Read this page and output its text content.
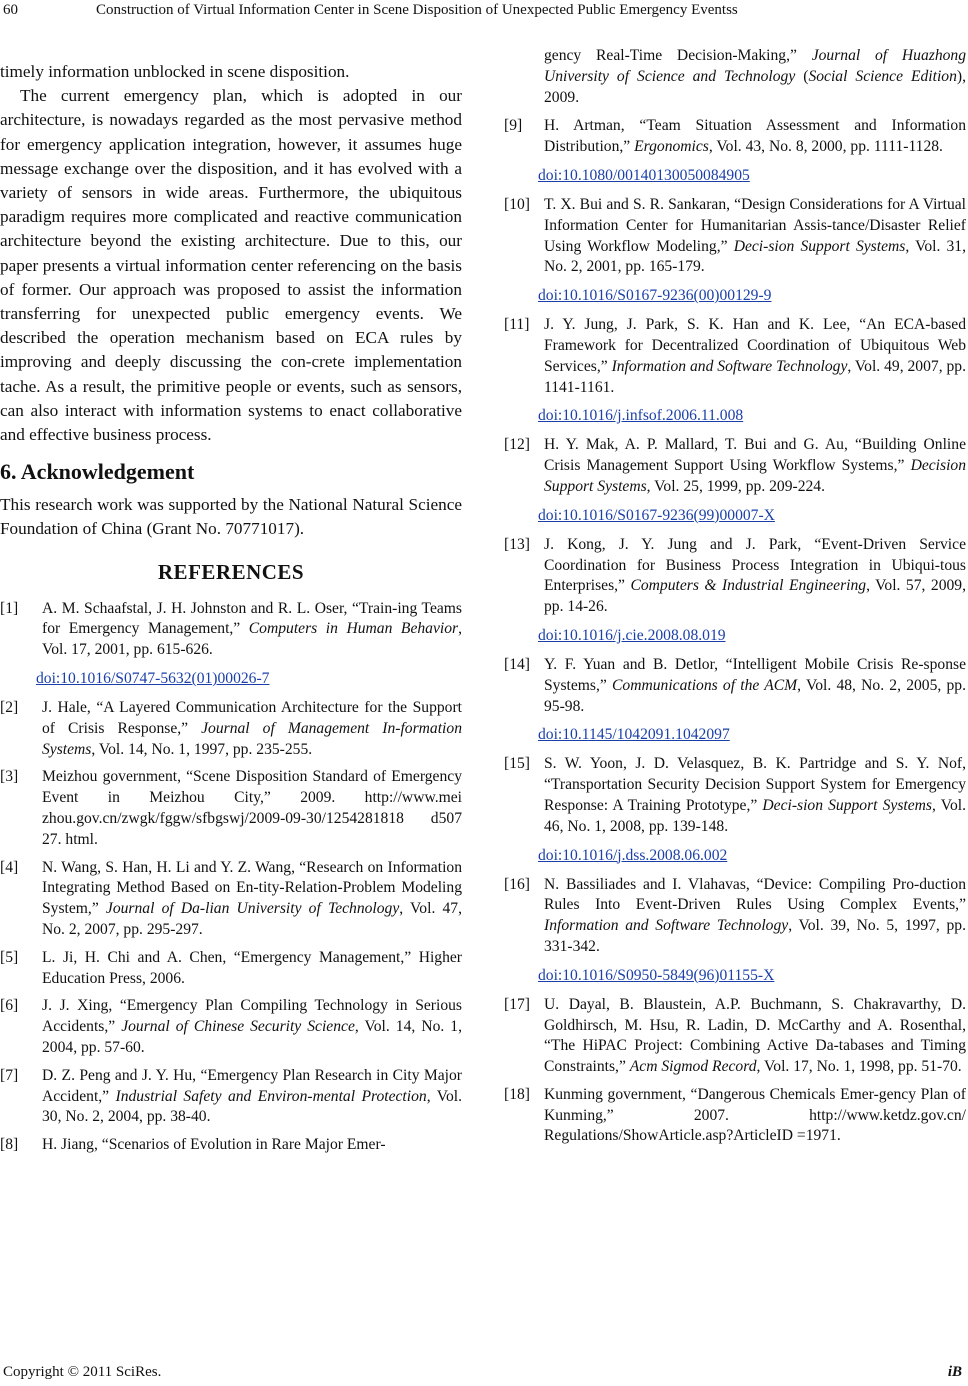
60	Construction of Virtual Information Center in Scene Disposition of Unexpected Public Emergency Eventss

timely information unblocked in scene disposition.

The current emergency plan, which is adopted in our architecture, is nowadays regarded as the most pervasive method for emergency application integration, however, it assumes huge message exchange over the disposition, and it has evolved with a variety of sensors in wide areas. Furthermore, the ubiquitous paradigm requires more complicated and reactive communication architecture beyond the existing architecture. Due to this, our paper presents a virtual information center referencing on the basis of former. Our approach was proposed to assist the information transferring for unexpected public emergency events. We described the operation mechanism based on ECA rules by improving and deeply discussing the con-crete implementation tache. As a result, the primitive people or events, such as sensors, can also interact with information systems to enact collaborative and effective business process.

6. Acknowledgement

This research work was supported by the National Natural Science Foundation of China (Grant No. 70771017).

REFERENCES
[1] A. M. Schaafstal, J. H. Johnston and R. L. Oser, “Train-ing Teams for Emergency Management,” Computers in Human Behavior, Vol. 17, 2001, pp. 615-626.
doi:10.1016/S0747-5632(01)00026-7
[2] J. Hale, “A Layered Communication Architecture for the Support of Crisis Response,” Journal of Management In-formation Systems, Vol. 14, No. 1, 1997, pp. 235-255.
[3] Meizhou government, “Scene Disposition Standard of Emergency Event in Meizhou City,” 2009. http://www.mei zhou.gov.cn/zwgk/fggw/sfbgswj/2009-09-30/1254281818 d507 27. html.
[4] N. Wang, S. Han, H. Li and Y. Z. Wang, “Research on Information Integrating Method Based on En-tity-Relation-Problem Modeling System,” Journal of Da-lian University of Technology, Vol. 47, No. 2, 2007, pp. 295-297.
[5] L. Ji, H. Chi and A. Chen, “Emergency Management,” Higher Education Press, 2006.
[6] J. J. Xing, “Emergency Plan Compiling Technology in Serious Accidents,” Journal of Chinese Security Science, Vol. 14, No. 1, 2004, pp. 57-60.
[7] D. Z. Peng and J. Y. Hu, “Emergency Plan Research in City Major Accident,” Industrial Safety and Environ-mental Protection, Vol. 30, No. 2, 2004, pp. 38-40.
[8] H. Jiang, “Scenarios of Evolution in Rare Major Emer-

gency Real-Time Decision-Making,” Journal of Huazhong University of Science and Technology (Social Science Edition), 2009.

[9] H. Artman, “Team Situation Assessment and Information Distribution,” Ergonomics, Vol. 43, No. 8, 2000, pp. 1111-1128.
doi:10.1080/00140130050084905
[10] T. X. Bui and S. R. Sankaran, “Design Considerations for A Virtual Information Center for Humanitarian Assis-tance/Disaster Relief Using Workflow Modeling,” Deci-sion Support Systems, Vol. 31, No. 2, 2001, pp. 165-179.
doi:10.1016/S0167-9236(00)00129-9
[11] J. Y. Jung, J. Park, S. K. Han and K. Lee, “An ECA-based Framework for Decentralized Coordination of Ubiquitous Web Services,” Information and Software Technology, Vol. 49, 2007, pp. 1141-1161.
doi:10.1016/j.infsof.2006.11.008
[12] H. Y. Mak, A. P. Mallard, T. Bui and G. Au, “Building Online Crisis Management Support Using Workflow Systems,” Decision Support Systems, Vol. 25, 1999, pp. 209-224.
doi:10.1016/S0167-9236(99)00007-X
[13] J. Kong, J. Y. Jung and J. Park, “Event-Driven Service Coordination for Business Process Integration in Ubiqui-tous Enterprises,” Computers & Industrial Engineering, Vol. 57, 2009, pp. 14-26.
doi:10.1016/j.cie.2008.08.019
[14] Y. F. Yuan and B. Detlor, “Intelligent Mobile Crisis Re-sponse Systems,” Communications of the ACM, Vol. 48, No. 2, 2005, pp. 95-98.
doi:10.1145/1042091.1042097
[15] S. W. Yoon, J. D. Velasquez, B. K. Partridge and S. Y. Nof, “Transportation Security Decision Support System for Emergency Response: A Training Prototype,” Deci-sion Support Systems, Vol. 46, No. 1, 2008, pp. 139-148.
doi:10.1016/j.dss.2008.06.002
[16] N. Bassiliades and I. Vlahavas, “Device: Compiling Pro-duction Rules Into Event-Driven Rules Using Complex Events,” Information and Software Technology, Vol. 39, No. 5, 1997, pp. 331-342.
doi:10.1016/S0950-5849(96)01155-X
[17] U. Dayal, B. Blaustein, A.P. Buchmann, S. Chakravarthy, D. Goldhirsch, M. Hsu, R. Ladin, D. McCarthy and A. Rosenthal, “The HiPAC Project: Combining Active Da-tabases and Timing Constraints,” Acm Sigmod Record, Vol. 17, No. 1, 1998, pp. 51-70.
[18] Kunming government, “Dangerous Chemicals Emer-gency Plan of Kunming,” 2007. http://www.ketdz.gov.cn/ Regulations/ShowArticle.asp?ArticleID =1971.
Copyright © 2011 SciRes.	iB
